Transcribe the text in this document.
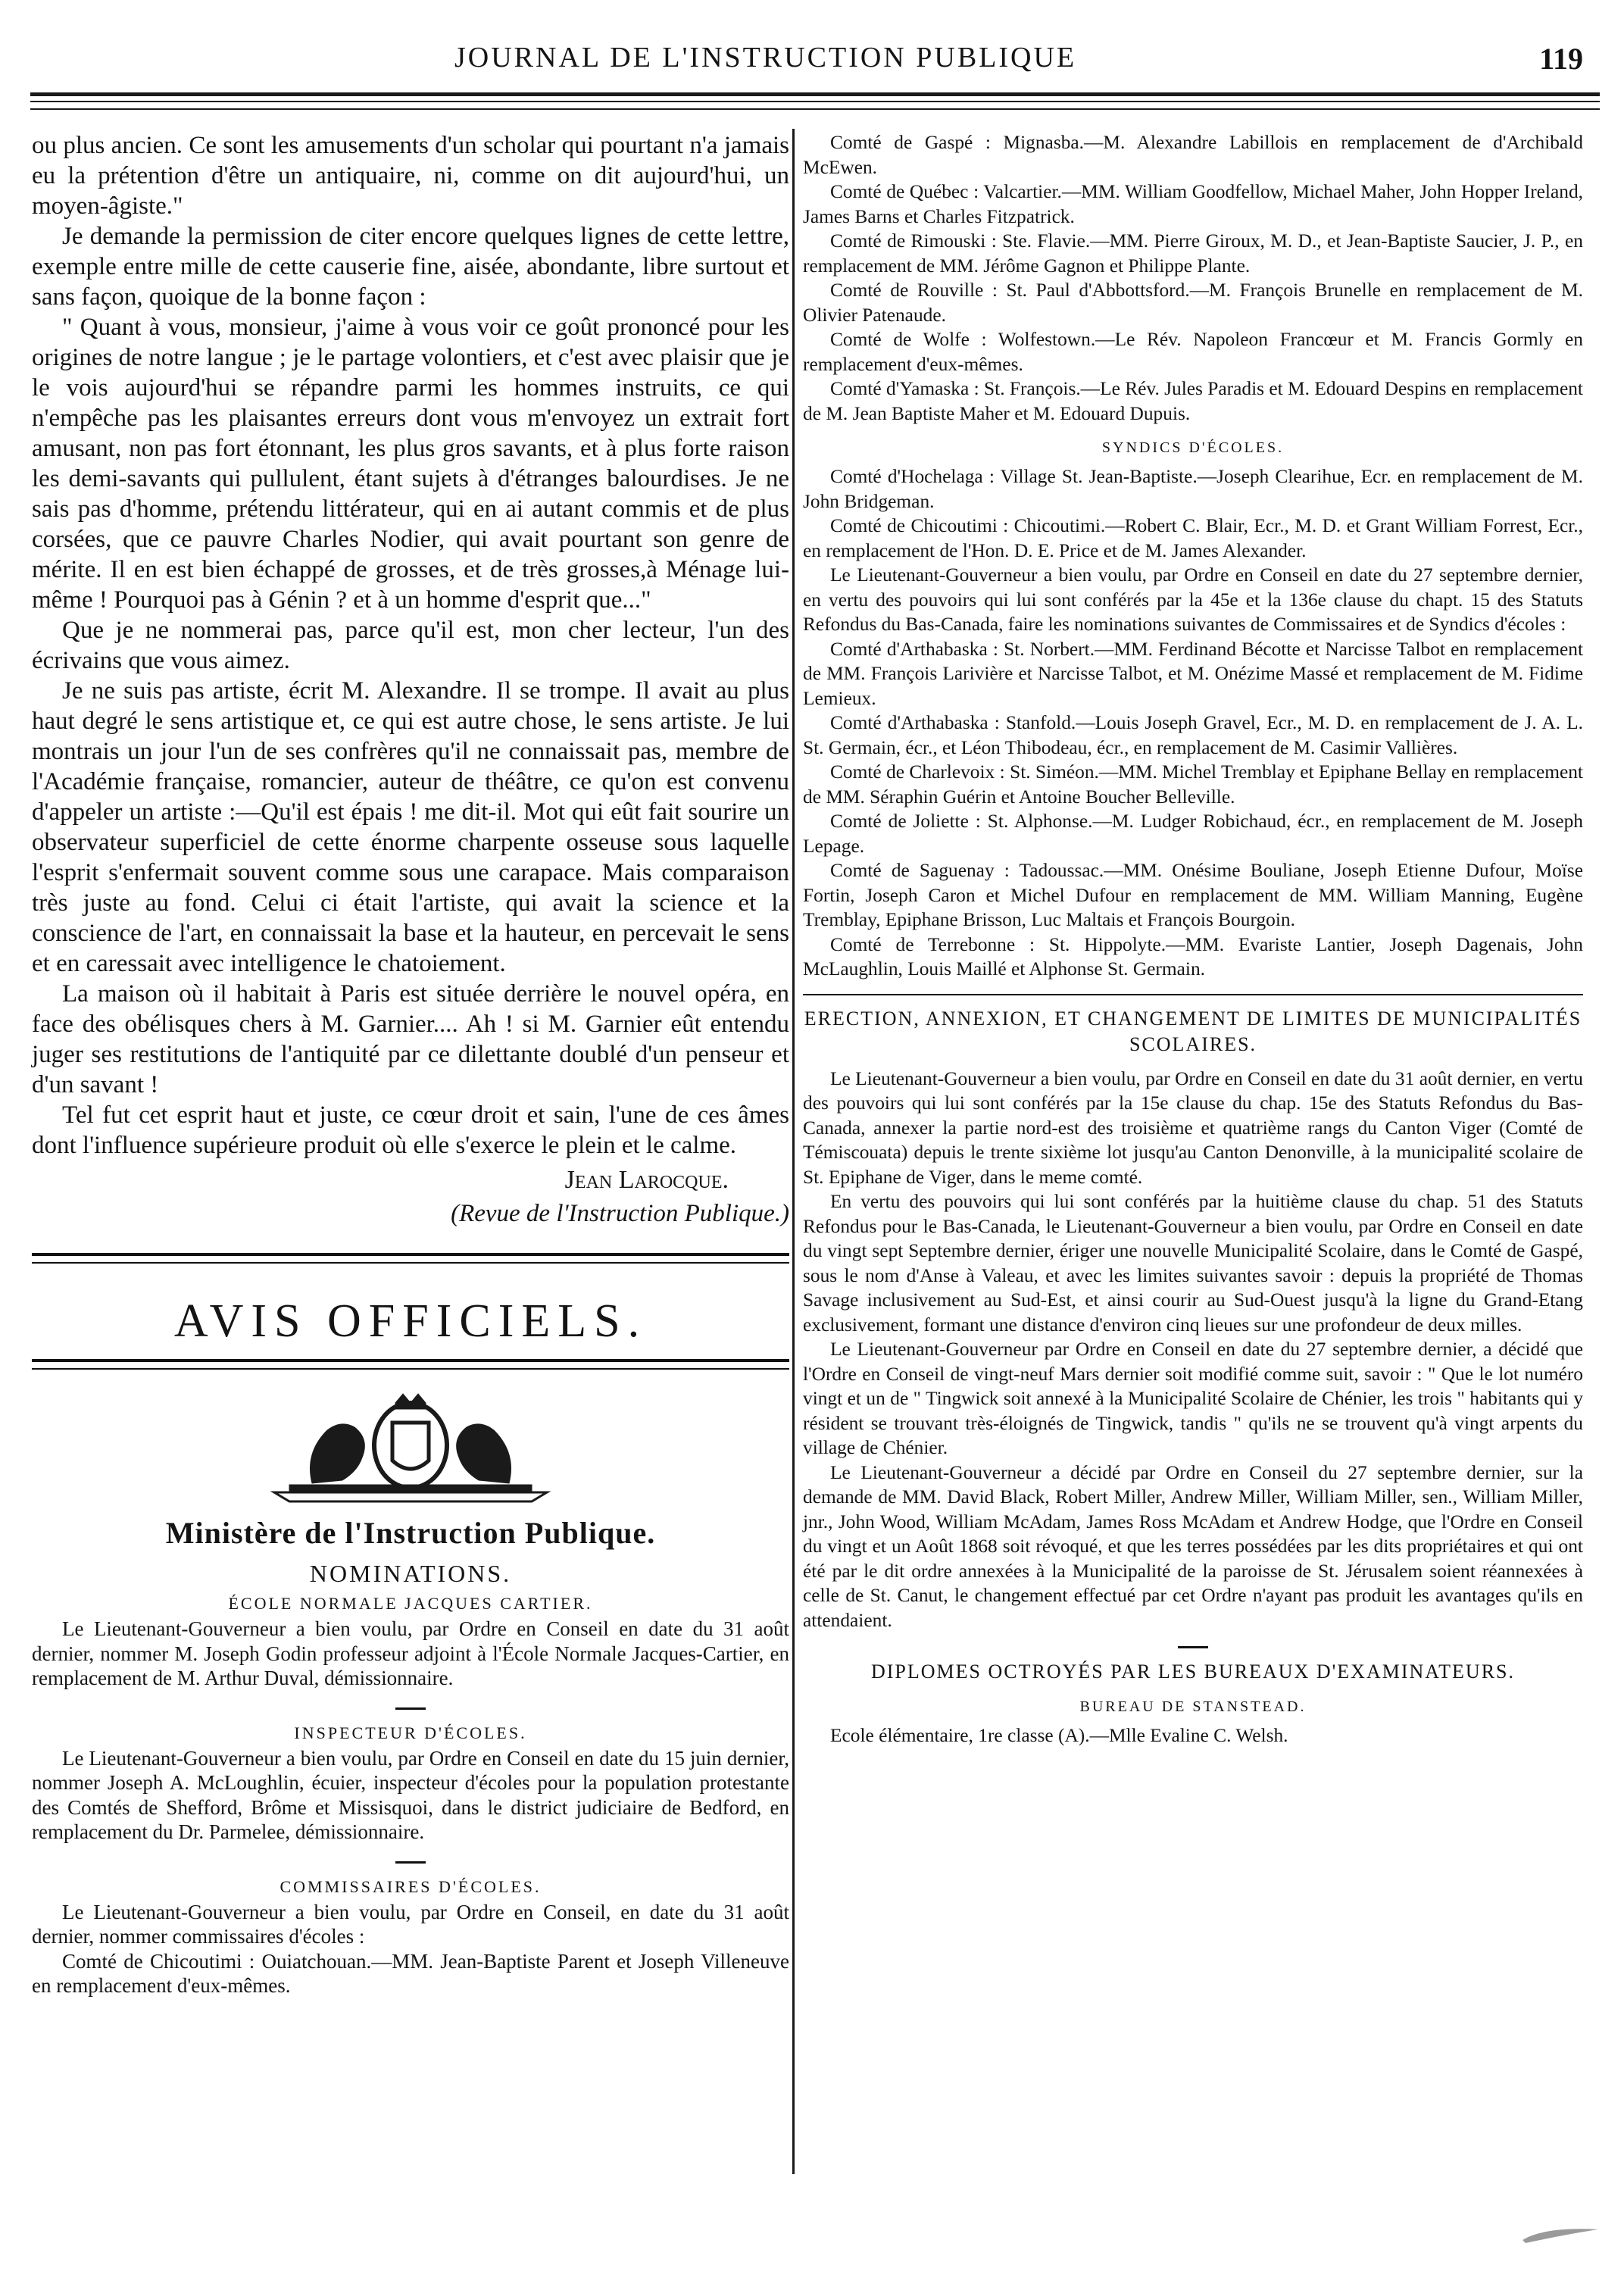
JOURNAL DE L'INSTRUCTION PUBLIQUE	119

ou plus ancien. Ce sont les amusements d'un scholar qui pourtant n'a jamais eu la prétention d'être un antiquaire, ni, comme on dit aujourd'hui, un moyen-âgiste."

Je demande la permission de citer encore quelques lignes de cette lettre, exemple entre mille de cette causerie fine, aisée, abondante, libre surtout et sans façon, quoique de la bonne façon :

" Quant à vous, monsieur, j'aime à vous voir ce goût prononcé pour les origines de notre langue ; je le partage volontiers, et c'est avec plaisir que je le vois aujourd'hui se répandre parmi les hommes instruits, ce qui n'empêche pas les plaisantes erreurs dont vous m'envoyez un extrait fort amusant, non pas fort étonnant, les plus gros savants, et à plus forte raison les demi-savants qui pullulent, étant sujets à d'étranges balourdises. Je ne sais pas d'homme, prétendu littérateur, qui en ai autant commis et de plus corsées, que ce pauvre Charles Nodier, qui avait pourtant son genre de mérite. Il en est bien échappé de grosses, et de très grosses,à Ménage lui-même ! Pourquoi pas à Génin ? et à un homme d'esprit que..."

Que je ne nommerai pas, parce qu'il est, mon cher lecteur, l'un des écrivains que vous aimez.

Je ne suis pas artiste, écrit M. Alexandre. Il se trompe. Il avait au plus haut degré le sens artistique et, ce qui est autre chose, le sens artiste. Je lui montrais un jour l'un de ses confrères qu'il ne connaissait pas, membre de l'Académie française, romancier, auteur de théâtre, ce qu'on est convenu d'appeler un artiste :—Qu'il est épais ! me dit-il. Mot qui eût fait sourire un observateur superficiel de cette énorme charpente osseuse sous laquelle l'esprit s'enfermait souvent comme sous une carapace. Mais comparaison très juste au fond. Celui ci était l'artiste, qui avait la science et la conscience de l'art, en connaissait la base et la hauteur, en percevait le sens et en caressait avec intelligence le chatoiement.

La maison où il habitait à Paris est située derrière le nouvel opéra, en face des obélisques chers à M. Garnier.... Ah ! si M. Garnier eût entendu juger ses restitutions de l'antiquité par ce dilettante doublé d'un penseur et d'un savant !

Tel fut cet esprit haut et juste, ce cœur droit et sain, l'une de ces âmes dont l'influence supérieure produit où elle s'exerce le plein et le calme.

Jean Larocque.
(Revue de l'Instruction Publique.)
AVIS OFFICIELS.
Ministère de l'Instruction Publique.
NOMINATIONS.
ÉCOLE NORMALE JACQUES CARTIER.

Le Lieutenant-Gouverneur a bien voulu, par Ordre en Conseil en date du 31 août dernier, nommer M. Joseph Godin professeur adjoint à l'École Normale Jacques-Cartier, en remplacement de M. Arthur Duval, démissionnaire.

INSPECTEUR D'ÉCOLES.

Le Lieutenant-Gouverneur a bien voulu, par Ordre en Conseil en date du 15 juin dernier, nommer Joseph A. McLoughlin, écuier, inspecteur d'écoles pour la population protestante des Comtés de Shefford, Brôme et Missisquoi, dans le district judiciaire de Bedford, en remplacement du Dr. Parmelee, démissionnaire.

COMMISSAIRES D'ÉCOLES.

Le Lieutenant-Gouverneur a bien voulu, par Ordre en Conseil, en date du 31 août dernier, nommer commissaires d'écoles :

Comté de Chicoutimi : Ouiatchouan.—MM. Jean-Baptiste Parent et Joseph Villeneuve en remplacement d'eux-mêmes.

Comté de Gaspé : Mignasba.—M. Alexandre Labillois en remplacement de d'Archibald McEwen.

Comté de Québec : Valcartier.—MM. William Goodfellow, Michael Maher, John Hopper Ireland, James Barns et Charles Fitzpatrick.

Comté de Rimouski : Ste. Flavie.—MM. Pierre Giroux, M. D., et Jean-Baptiste Saucier, J. P., en remplacement de MM. Jérôme Gagnon et Philippe Plante.

Comté de Rouville : St. Paul d'Abbottsford.—M. François Brunelle en remplacement de M. Olivier Patenaude.

Comté de Wolfe : Wolfestown.—Le Rév. Napoleon Francœur et M. Francis Gormly en remplacement d'eux-mêmes.

Comté d'Yamaska : St. François.—Le Rév. Jules Paradis et M. Edouard Despins en remplacement de M. Jean Baptiste Maher et M. Edouard Dupuis.

SYNDICS D'ÉCOLES.

Comté d'Hochelaga : Village St. Jean-Baptiste.—Joseph Clearihue, Ecr. en remplacement de M. John Bridgeman.

Comté de Chicoutimi : Chicoutimi.—Robert C. Blair, Ecr., M. D. et Grant William Forrest, Ecr., en remplacement de l'Hon. D. E. Price et de M. James Alexander.

Le Lieutenant-Gouverneur a bien voulu, par Ordre en Conseil en date du 27 septembre dernier, en vertu des pouvoirs qui lui sont conférés par la 45e et la 136e clause du chapt. 15 des Statuts Refondus du Bas-Canada, faire les nominations suivantes de Commissaires et de Syndics d'écoles :

Comté d'Arthabaska : St. Norbert.—MM. Ferdinand Bécotte et Narcisse Talbot en remplacement de MM. François Larivière et Narcisse Talbot, et M. Onézime Massé et remplacement de M. Fidime Lemieux.

Comté d'Arthabaska : Stanfold.—Louis Joseph Gravel, Ecr., M. D. en remplacement de J. A. L. St. Germain, écr., et Léon Thibodeau, écr., en remplacement de M. Casimir Vallières.

Comté de Charlevoix : St. Siméon.—MM. Michel Tremblay et Epiphane Bellay en remplacement de MM. Séraphin Guérin et Antoine Boucher Belleville.

Comté de Joliette : St. Alphonse.—M. Ludger Robichaud, écr., en remplacement de M. Joseph Lepage.

Comté de Saguenay : Tadoussac.—MM. Onésime Bouliane, Joseph Etienne Dufour, Moïse Fortin, Joseph Caron et Michel Dufour en remplacement de MM. William Manning, Eugène Tremblay, Epiphane Brisson, Luc Maltais et François Bourgoin.

Comté de Terrebonne : St. Hippolyte.—MM. Evariste Lantier, Joseph Dagenais, John McLaughlin, Louis Maillé et Alphonse St. Germain.

ERECTION, ANNEXION, ET CHANGEMENT DE LIMITES DE MUNICIPALITÉS SCOLAIRES.

Le Lieutenant-Gouverneur a bien voulu, par Ordre en Conseil en date du 31 août dernier, en vertu des pouvoirs qui lui sont conférés par la 15e clause du chap. 15e des Statuts Refondus du Bas-Canada, annexer la partie nord-est des troisième et quatrième rangs du Canton Viger (Comté de Témiscouata) depuis le trente sixième lot jusqu'au Canton Denonville, à la municipalité scolaire de St. Epiphane de Viger, dans le meme comté.

En vertu des pouvoirs qui lui sont conférés par la huitième clause du chap. 51 des Statuts Refondus pour le Bas-Canada, le Lieutenant-Gouverneur a bien voulu, par Ordre en Conseil en date du vingt sept Septembre dernier, ériger une nouvelle Municipalité Scolaire, dans le Comté de Gaspé, sous le nom d'Anse à Valeau, et avec les limites suivantes savoir : depuis la propriété de Thomas Savage inclusivement au Sud-Est, et ainsi courir au Sud-Ouest jusqu'à la ligne du Grand-Etang exclusivement, formant une distance d'environ cinq lieues sur une profondeur de deux milles.

Le Lieutenant-Gouverneur par Ordre en Conseil en date du 27 septembre dernier, a décidé que l'Ordre en Conseil de vingt-neuf Mars dernier soit modifié comme suit, savoir : " Que le lot numéro vingt et un de " Tingwick soit annexé à la Municipalité Scolaire de Chénier, les trois " habitants qui y résident se trouvant très-éloignés de Tingwick, tandis " qu'ils ne se trouvent qu'à vingt arpents du village de Chénier.

Le Lieutenant-Gouverneur a décidé par Ordre en Conseil du 27 septembre dernier, sur la demande de MM. David Black, Robert Miller, Andrew Miller, William Miller, sen., William Miller, jnr., John Wood, William McAdam, James Ross McAdam et Andrew Hodge, que l'Ordre en Conseil du vingt et un Août 1868 soit révoqué, et que les terres possédées par les dits propriétaires et qui ont été par le dit ordre annexées à la Municipalité de la paroisse de St. Jérusalem soient réannexées à celle de St. Canut, le changement effectué par cet Ordre n'ayant pas produit les avantages qu'ils en attendaient.

DIPLOMES OCTROYÉS PAR LES BUREAUX D'EXAMINATEURS.
BUREAU DE STANSTEAD.

Ecole élémentaire, 1re classe (A).—Mlle Evaline C. Welsh.
